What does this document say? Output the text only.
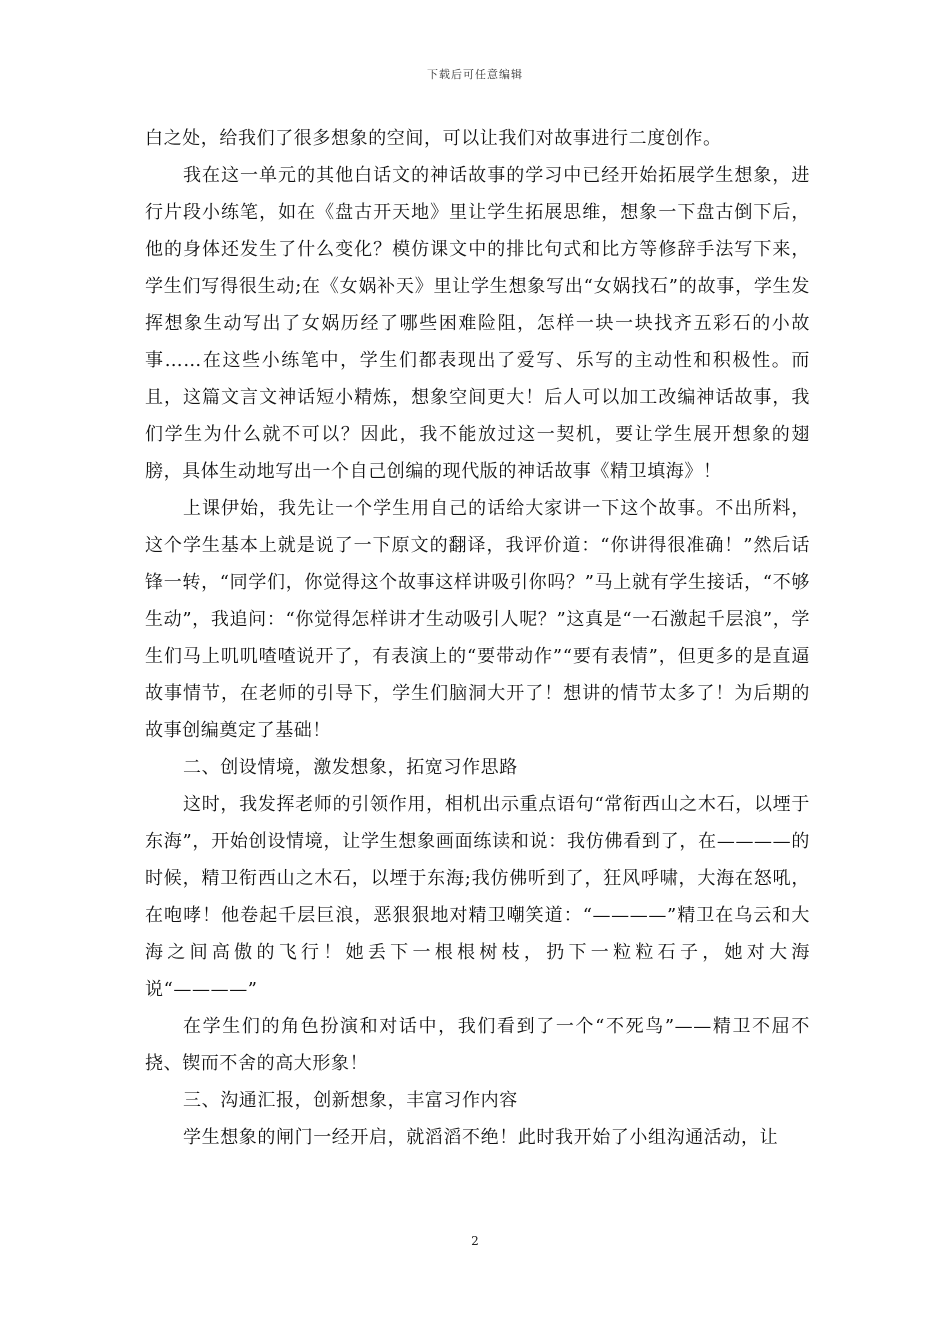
下载后可任意编辑

白之处，给我们了很多想象的空间，可以让我们对故事进行二度创作。

我在这一单元的其他白话文的神话故事的学习中已经开始拓展学生想象，进行片段小练笔，如在《盘古开天地》里让学生拓展思维，想象一下盘古倒下后，他的身体还发生了什么变化？模仿课文中的排比句式和比方等修辞手法写下来，学生们写得很生动;在《女娲补天》里让学生想象写出“女娲找石”的故事，学生发挥想象生动写出了女娲历经了哪些困难险阻，怎样一块一块找齐五彩石的小故事……在这些小练笔中，学生们都表现出了爱写、乐写的主动性和积极性。而且，这篇文言文神话短小精炼，想象空间更大！后人可以加工改编神话故事，我们学生为什么就不可以？因此，我不能放过这一契机，要让学生展开想象的翅膀，具体生动地写出一个自己创编的现代版的神话故事《精卫填海》！

上课伊始，我先让一个学生用自己的话给大家讲一下这个故事。不出所料，这个学生基本上就是说了一下原文的翻译，我评价道：“你讲得很准确！”然后话锋一转，“同学们，你觉得这个故事这样讲吸引你吗？”马上就有学生接话，“不够生动”，我追问：“你觉得怎样讲才生动吸引人呢？”这真是“一石激起千层浪”，学生们马上叽叽喳喳说开了，有表演上的“要带动作”“要有表情”，但更多的是直逼故事情节，在老师的引导下，学生们脑洞大开了！想讲的情节太多了！为后期的故事创编奠定了基础！

二、创设情境，激发想象，拓宽习作思路

这时，我发挥老师的引领作用，相机出示重点语句“常衔西山之木石，以堙于东海”，开始创设情境，让学生想象画面练读和说：我仿佛看到了，在————的时候，精卫衔西山之木石，以堙于东海;我仿佛听到了，狂风呼啸，大海在怒吼，在咆哮！他卷起千层巨浪，恶狠狠地对精卫嘲笑道：“————”精卫在乌云和大海之间高傲的飞行！她丢下一根根树枝，扔下一粒粒石子，她对大海说“————”

在学生们的角色扮演和对话中，我们看到了一个“不死鸟”——精卫不屈不挠、锲而不舍的高大形象！

三、沟通汇报，创新想象，丰富习作内容

学生想象的闸门一经开启，就滔滔不绝！此时我开始了小组沟通活动，让

2
